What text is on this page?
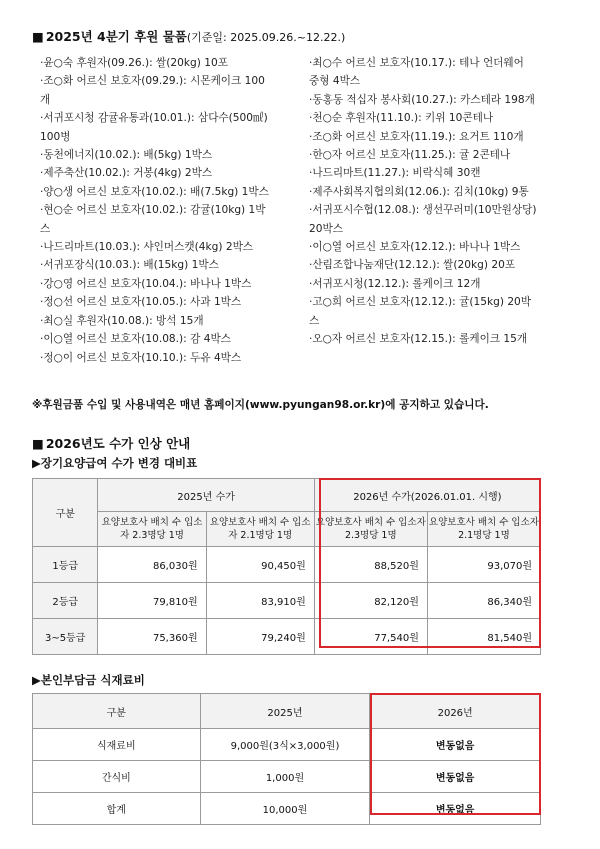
■ 2025년 4분기 후원 물품(기준일: 2025.09.26.~12.22.)
·윤○숙 후원자(09.26.): 쌀(20kg) 10포
·조○화 어르신 보호자(09.29.): 시몬케이크 100
개
·서귀포시청 감귤유통과(10.01.): 삼다수(500㎖)
100병
·동천에너지(10.02.): 배(5kg) 1박스
·제주축산(10.02.): 거봉(4kg) 2박스
·양○생 어르신 보호자(10.02.): 배(7.5kg) 1박스
·현○순 어르신 보호자(10.02.): 감귤(10kg) 1박
스
·나드리마트(10.03.): 샤인머스캣(4kg) 2박스
·서귀포장식(10.03.): 배(15kg) 1박스
·강○영 어르신 보호자(10.04.): 바나나 1박스
·정○선 어르신 보호자(10.05.): 사과 1박스
·최○실 후원자(10.08.): 방석 15개
·이○열 어르신 보호자(10.08.): 감 4박스
·정○이 어르신 보호자(10.10.): 두유 4박스
·최○수 어르신 보호자(10.17.): 테나 언더웨어
중형 4박스
·동홍동 적십자 봉사회(10.27.): 카스테라 198개
·천○순 후원자(11.10.): 키위 10콘테나
·조○화 어르신 보호자(11.19.): 요거트 110개
·한○자 어르신 보호자(11.25.): 귤 2콘테나
·나드리마트(11.27.): 비락식혜 30캔
·제주사회복지협의회(12.06.): 김치(10kg) 9통
·서귀포시수협(12.08.): 생선꾸러미(10만원상당)
20박스
·이○열 어르신 보호자(12.12.): 바나나 1박스
·산림조합나눔재단(12.12.): 쌀(20kg) 20포
·서귀포시청(12.12.): 롤케이크 12개
·고○희 어르신 보호자(12.12.): 귤(15kg) 20박
스
·오○자 어르신 보호자(12.15.): 롤케이크 15개
※후원금품 수입 및 사용내역은 매년 홈페이지(www.pyungan98.or.kr)에 공지하고 있습니다.
■ 2026년도 수가 인상 안내
▶장기요양급여 수가 변경 대비표
구분	2025년 수가		2026년 수가(2026.01.01. 시행)	
	요양보호사 배치 수 입소자 2.3명당 1명	요양보호사 배치 수 입소자 2.1명당 1명	요양보호사 배치 수 입소자 2.3명당 1명	요양보호사 배치 수 입소자 2.1명당 1명
1등급	86,030원	90,450원	88,520원	93,070원
2등급	79,810원	83,910원	82,120원	86,340원
3~5등급	75,360원	79,240원	77,540원	81,540원
▶본인부담금 식재료비
구분	2025년	2026년
식재료비	9,000원(3식×3,000원)	변동없음
간식비	1,000원	변동없음
합계	10,000원	변동없음
